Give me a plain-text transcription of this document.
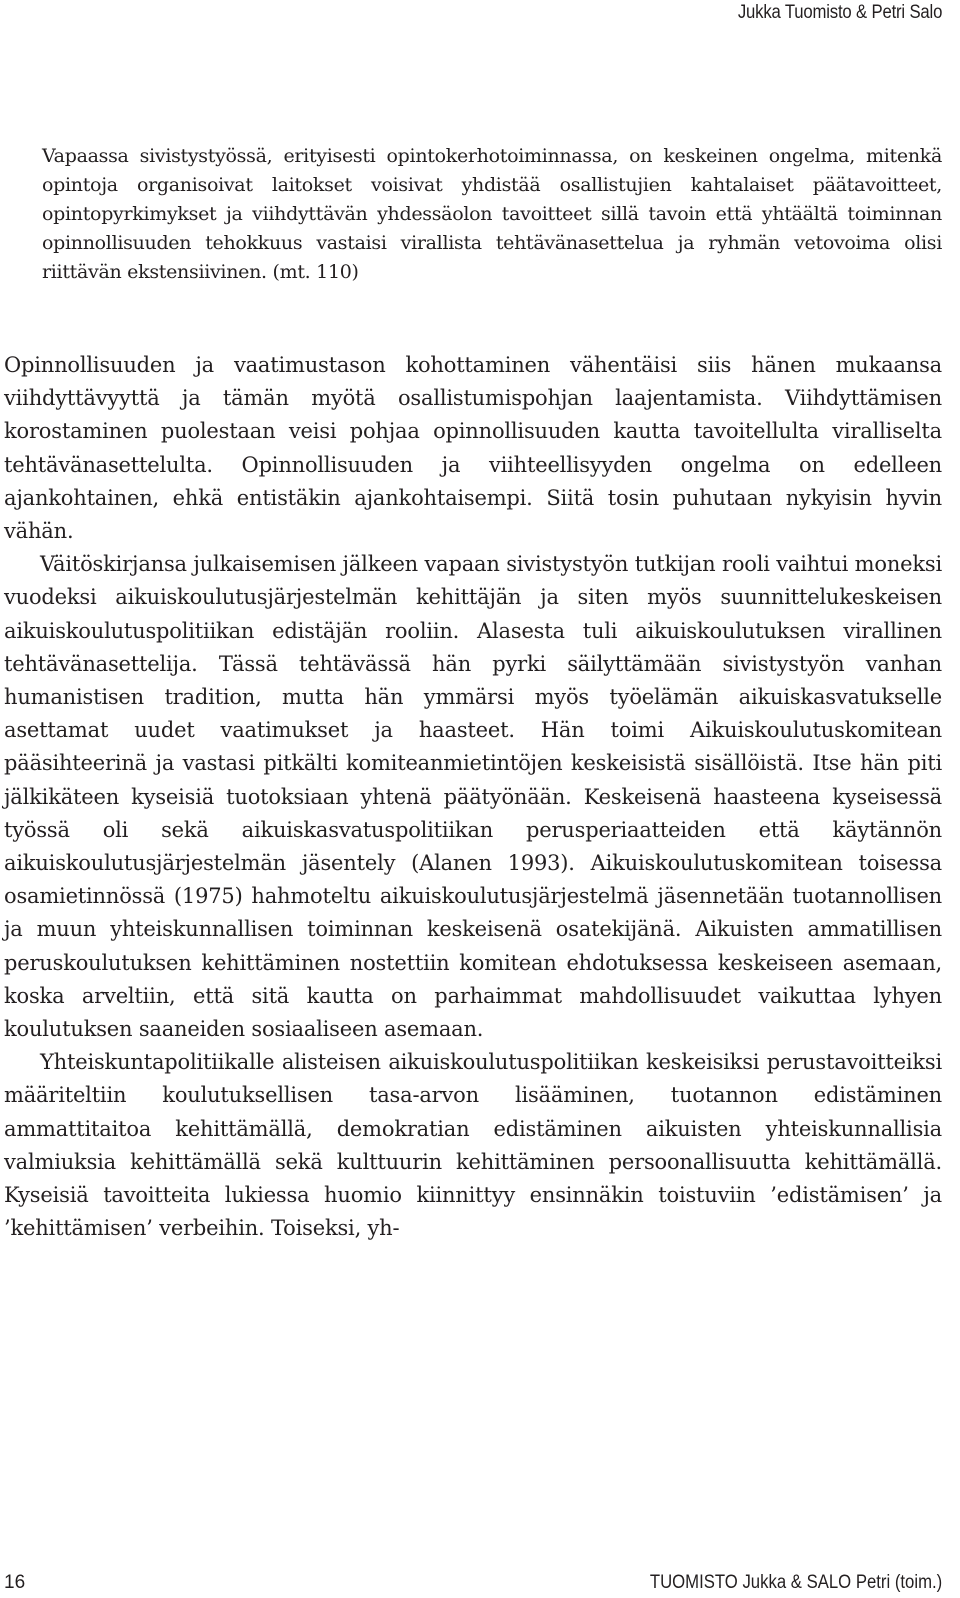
Jukka Tuomisto & Petri Salo

Vapaassa sivistystyössä, erityisesti opintokerhotoiminnassa, on keskeinen ongelma, mitenkä opintoja organisoivat laitokset voisivat yhdistää osallistujien kahtalaiset päätavoitteet, opintopyrkimykset ja viihdyttävän yhdessäolon tavoitteet sillä tavoin että yhtäältä toiminnan opinnollisuuden tehokkuus vastaisi virallista tehtävänasettelua ja ryhmän vetovoima olisi riittävän ekstensiivinen. (mt. 110)

Opinnollisuuden ja vaatimustason kohottaminen vähentäisi siis hänen mukaansa viihdyttävyyttä ja tämän myötä osallistumispohjan laajentamista. Viihdyttämisen korostaminen puolestaan veisi pohjaa opinnollisuuden kautta tavoitellulta viralliselta tehtävänasettelulta. Opinnollisuuden ja viihteellisyyden ongelma on edelleen ajankohtainen, ehkä entistäkin ajankohtaisempi. Siitä tosin puhutaan nykyisin hyvin vähän.

Väitöskirjansa julkaisemisen jälkeen vapaan sivistystyön tutkijan rooli vaihtui moneksi vuodeksi aikuiskoulutusjärjestelmän kehittäjän ja siten myös suunnittelukeskeisen aikuiskoulutuspolitiikan edistäjän rooliin. Alasesta tuli aikuiskoulutuksen virallinen tehtävänasettelija. Tässä tehtävässä hän pyrki säilyttämään sivistystyön vanhan humanistisen tradition, mutta hän ymmärsi myös työelämän aikuiskasvatukselle asettamat uudet vaatimukset ja haasteet. Hän toimi Aikuiskoulutuskomitean pääsihteerinä ja vastasi pitkälti komiteanmietintöjen keskeisistä sisällöistä. Itse hän piti jälkikäteen kyseisiä tuotoksiaan yhtenä päätyönään. Keskeisenä haasteena kyseisessä työssä oli sekä aikuiskasvatuspolitiikan perusperiaatteiden että käytännön aikuiskoulutusjärjestelmän jäsentely (Alanen 1993). Aikuiskoulutuskomitean toisessa osamietinnössä (1975) hahmoteltu aikuiskoulutusjärjestelmä jäsennetään tuotannollisen ja muun yhteiskunnallisen toiminnan keskeisenä osatekijänä. Aikuisten ammatillisen peruskoulutuksen kehittäminen nostettiin komitean ehdotuksessa keskeiseen asemaan, koska arveltiin, että sitä kautta on parhaimmat mahdollisuudet vaikuttaa lyhyen koulutuksen saaneiden sosiaaliseen asemaan.

Yhteiskuntapolitiikalle alisteisen aikuiskoulutuspolitiikan keskeisiksi perustavoitteiksi määriteltiin koulutuksellisen tasa-arvon lisääminen, tuotannon edistäminen ammattitaitoa kehittämällä, demokratian edistäminen aikuisten yhteiskunnallisia valmiuksia kehittämällä sekä kulttuurin kehittäminen persoonallisuutta kehittämällä. Kyseisiä tavoitteita lukiessa huomio kiinnittyy ensinnäkin toistuviin ’edistämisen’ ja ’kehittämisen’ verbeihin. Toiseksi, yh-

16	TUOMISTO Jukka & SALO Petri (toim.)
